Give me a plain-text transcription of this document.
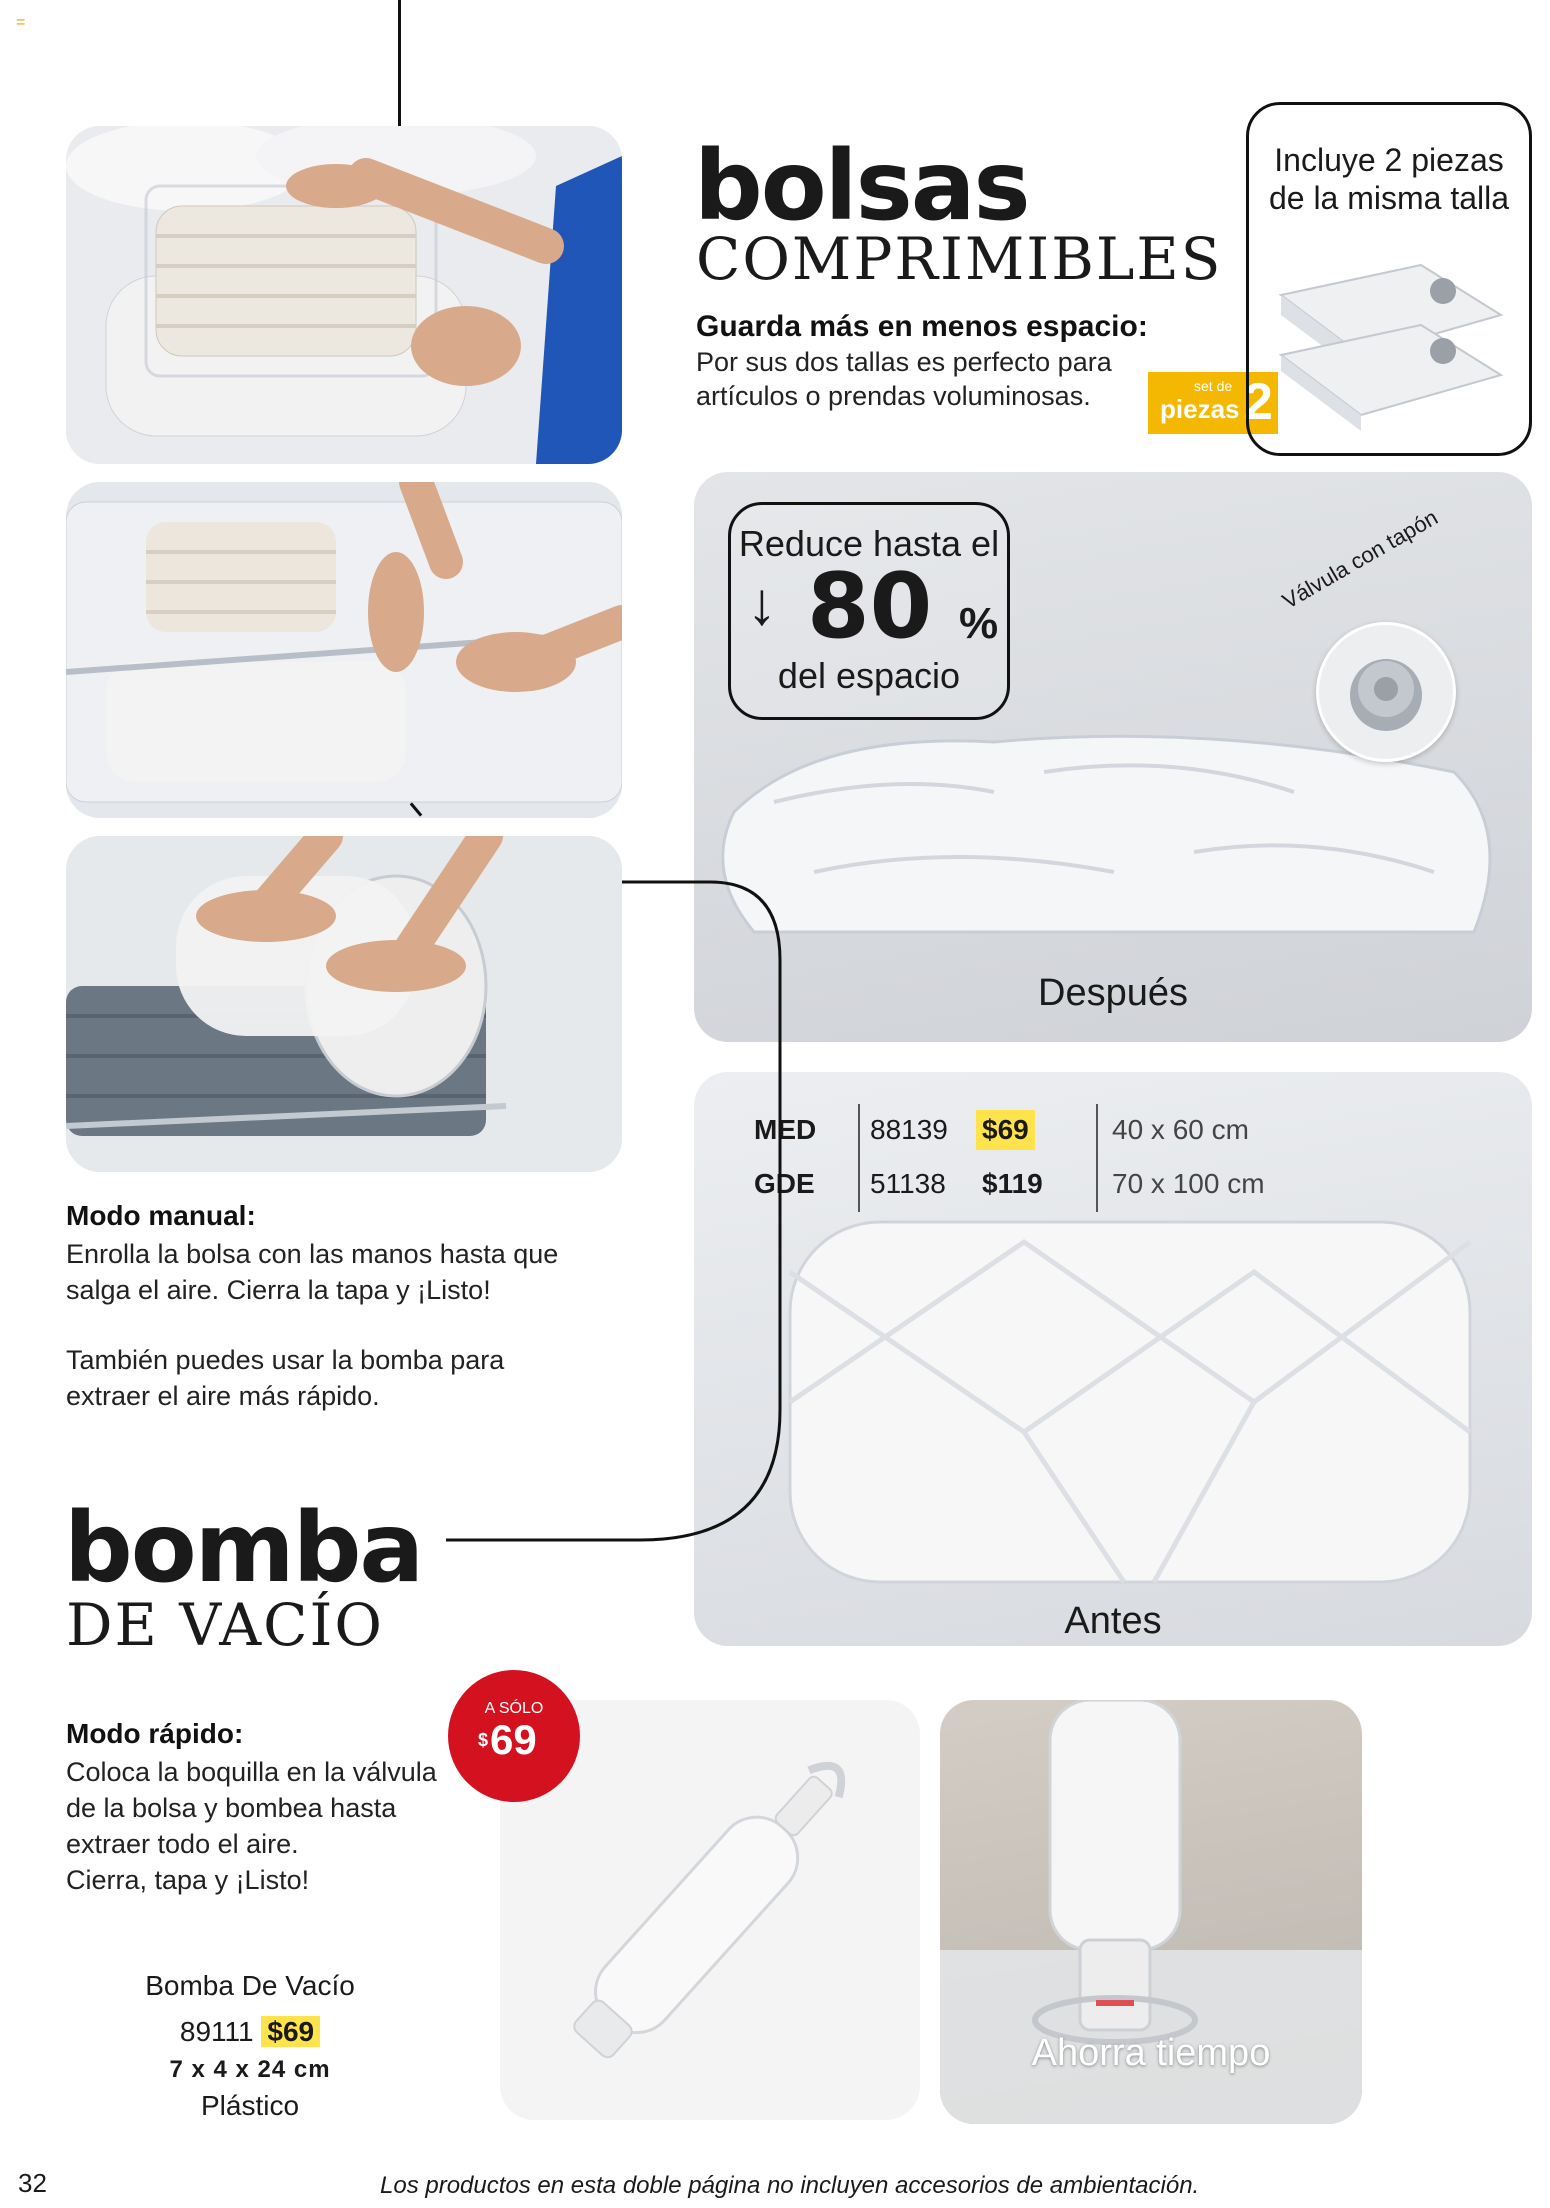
=
bolsas
COMPRIMIBLES
Guarda más en menos espacio:
Por sus dos tallas es perfecto para
artículos o prendas voluminosas.	set de
piezas 2
Incluye 2 piezas
de la misma talla
Reduce hasta el
↓ 80 %
del espacio
Válvula con tapón
Después
Antes
MED 88139 $69	40 x 60 cm
GDE 51138 $119 70 x 100 cm
Modo manual:
Enrolla la bolsa con las manos hasta que
salga el aire. Cierra la tapa y ¡Listo!
También puedes usar la bomba para
extraer el aire más rápido.
bomba
DE VACÍO
Modo rápido:
Coloca la boquilla en la válvula
de la bolsa y bombea hasta
extraer todo el aire.
Cierra, tapa y ¡Listo!
Bomba De Vacío
89111 $69
7 x 4 x 24 cm
Plástico
A SÓLO
$ 69
Ahorra tiempo
32	Los productos en esta doble página no incluyen accesorios de ambientación.
